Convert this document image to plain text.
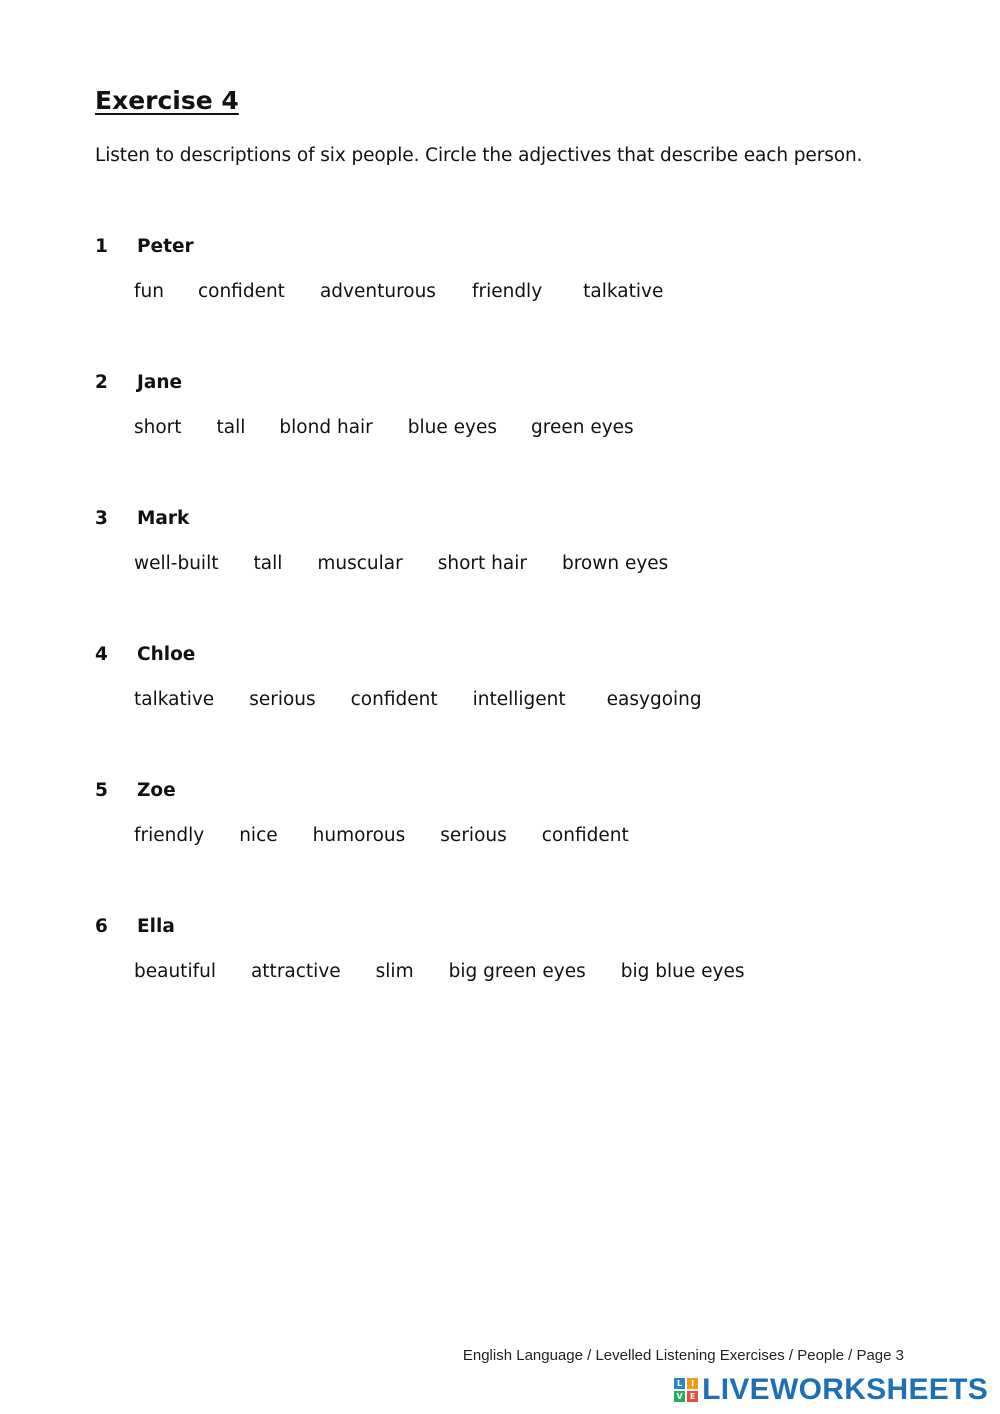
Exercise 4
Listen to descriptions of six people. Circle the adjectives that describe each person.
1 Peter
fun confident adventurous friendly talkative
2 Jane
short tall blond hair blue eyes green eyes
3 Mark
well-built tall muscular short hair brown eyes
4 Chloe
talkative serious confident intelligent easygoing
5 Zoe
friendly nice humorous serious confident
6 Ella
beautiful attractive slim big green eyes big blue eyes
English Language / Levelled Listening Exercises / People / Page 3
L	I
V E LIVEWORKSHEETS
